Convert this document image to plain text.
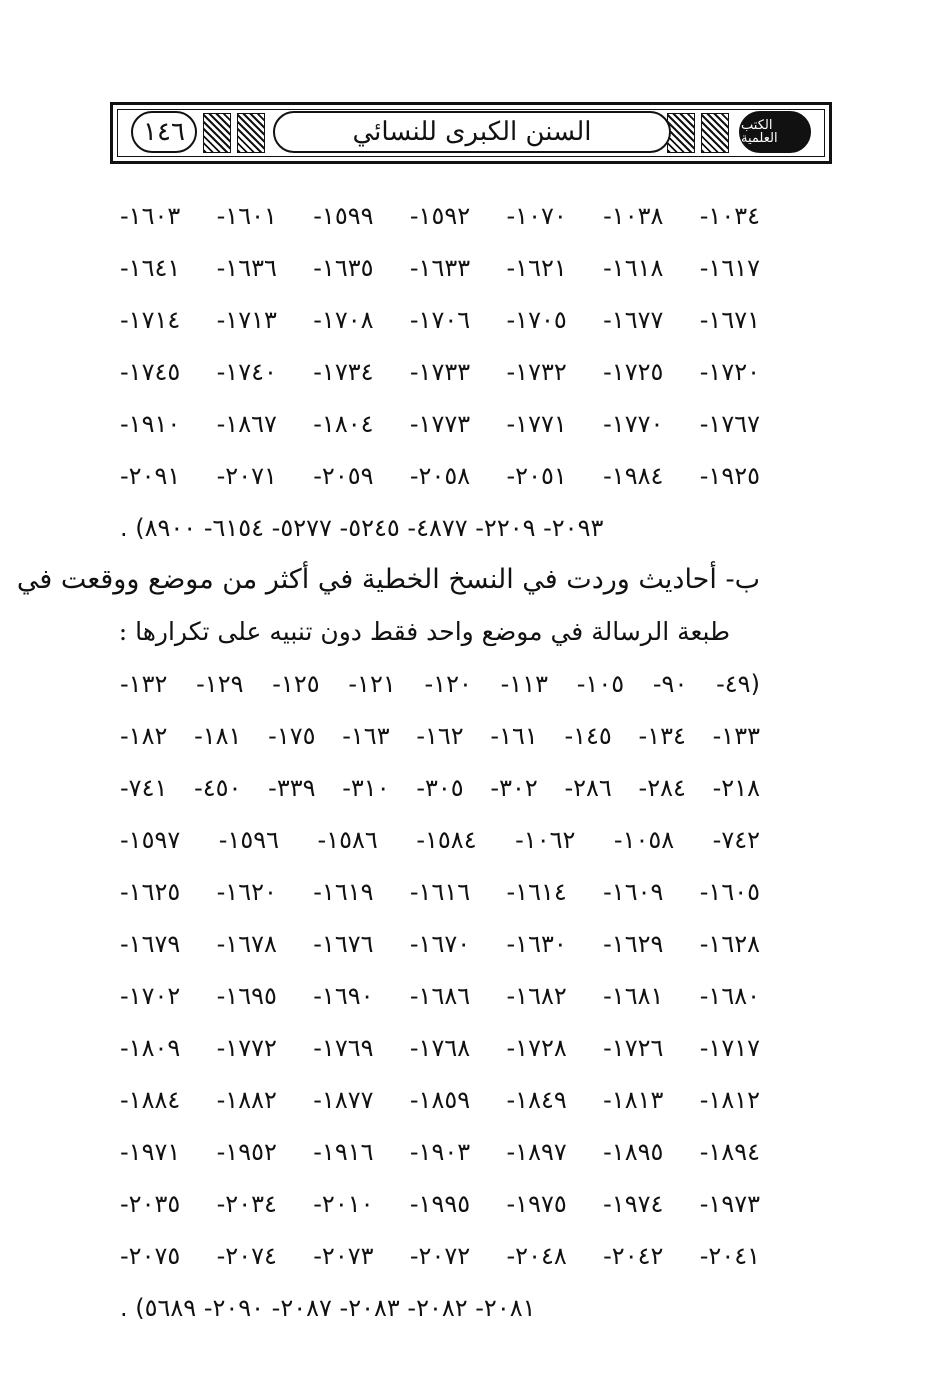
١٤٦	السنن الكبرى للنسائي	الكتب العلمية
١٠٣٤- ١٠٣٨- ١٠٧٠- ١٥٩٢- ١٥٩٩- ١٦٠١- ١٦٠٣-
١٦١٧- ١٦١٨- ١٦٢١- ١٦٣٣- ١٦٣٥- ١٦٣٦- ١٦٤١-
١٦٧١- ١٦٧٧- ١٧٠٥- ١٧٠٦- ١٧٠٨- ١٧١٣- ١٧١٤-
١٧٢٠- ١٧٢٥- ١٧٣٢- ١٧٣٣- ١٧٣٤- ١٧٤٠- ١٧٤٥-
١٧٦٧- ١٧٧٠- ١٧٧١- ١٧٧٣- ١٨٠٤- ١٨٦٧- ١٩١٠-
١٩٢٥- ١٩٨٤- ٢٠٥١- ٢٠٥٨- ٢٠٥٩- ٢٠٧١- ٢٠٩١-
٢٠٩٣- ٢٢٠٩- ٤٨٧٧- ٥٢٤٥- ٥٢٧٧- ٦١٥٤- ٨٩٠٠) .
ب- أحاديث وردت في النسخ الخطية في أكثر من موضع ووقعت في
طبعة الرسالة في موضع واحد فقط دون تنبيه على تكرارها :
(٤٩- ٩٠- ١٠٥- ١١٣- ١٢٠- ١٢١- ١٢٥- ١٢٩- ١٣٢-
١٣٣- ١٣٤- ١٤٥- ١٦١- ١٦٢- ١٦٣- ١٧٥- ١٨١- ١٨٢-
٢١٨- ٢٨٤- ٢٨٦- ٣٠٢- ٣٠٥- ٣١٠- ٣٣٩- ٤٥٠- ٧٤١-
٧٤٢- ١٠٥٨- ١٠٦٢- ١٥٨٤- ١٥٨٦- ١٥٩٦- ١٥٩٧-
١٦٠٥- ١٦٠٩- ١٦١٤- ١٦١٦- ١٦١٩- ١٦٢٠- ١٦٢٥-
١٦٢٨- ١٦٢٩- ١٦٣٠- ١٦٧٠- ١٦٧٦- ١٦٧٨- ١٦٧٩-
١٦٨٠- ١٦٨١- ١٦٨٢- ١٦٨٦- ١٦٩٠- ١٦٩٥- ١٧٠٢-
١٧١٧- ١٧٢٦- ١٧٢٨- ١٧٦٨- ١٧٦٩- ١٧٧٢- ١٨٠٩-
١٨١٢- ١٨١٣- ١٨٤٩- ١٨٥٩- ١٨٧٧- ١٨٨٢- ١٨٨٤-
١٨٩٤- ١٨٩٥- ١٨٩٧- ١٩٠٣- ١٩١٦- ١٩٥٢- ١٩٧١-
١٩٧٣- ١٩٧٤- ١٩٧٥- ١٩٩٥- ٢٠١٠- ٢٠٣٤- ٢٠٣٥-
٢٠٤١- ٢٠٤٢- ٢٠٤٨- ٢٠٧٢- ٢٠٧٣- ٢٠٧٤- ٢٠٧٥-
٢٠٨١- ٢٠٨٢- ٢٠٨٣- ٢٠٨٧- ٢٠٩٠- ٥٦٨٩) .
